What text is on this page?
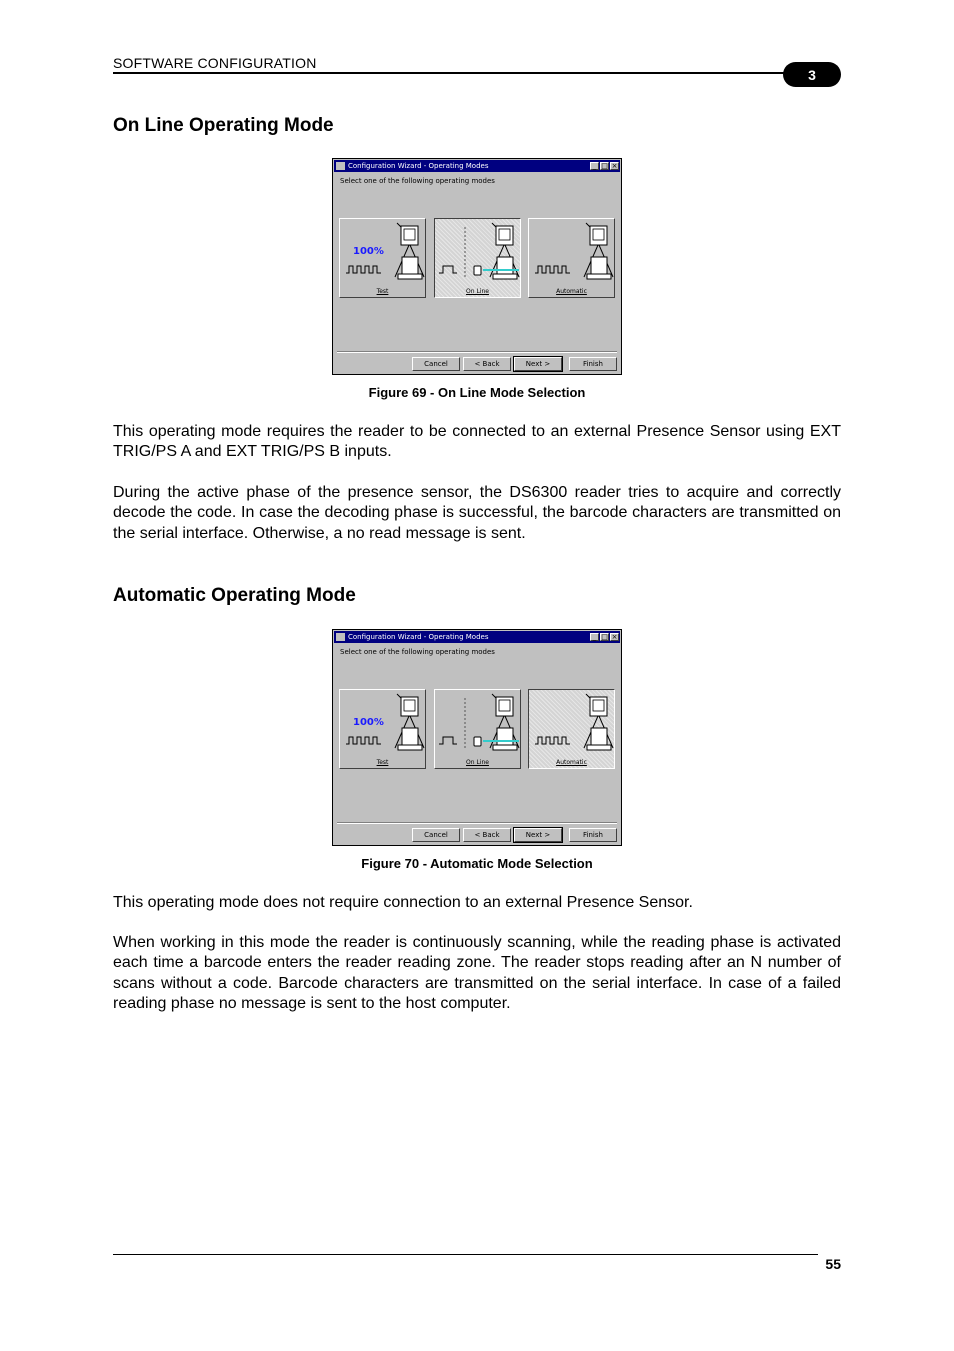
SOFTWARE CONFIGURATION
3
On Line Operating Mode
Configuration Wizard - Operating Modes	_ □ ×
Select one of the following operating modes
100%
Test	On Line	Automatic
Cancel	< Back	Next >	Finish
Figure 69 - On Line Mode Selection

This operating mode requires the reader to be connected to an external Presence Sensor using EXT TRIG/PS A and EXT TRIG/PS B inputs.

During the active phase of the presence sensor, the DS6300 reader tries to acquire and correctly decode the code. In case the decoding phase is successful, the barcode characters are transmitted on the serial interface. Otherwise, a no read message is sent.

Automatic Operating Mode
Configuration Wizard - Operating Modes	_ □ ×
Select one of the following operating modes
100%
Test	On Line	Automatic
Cancel	< Back	Next >	Finish
Figure 70 - Automatic Mode Selection

This operating mode does not require connection to an external Presence Sensor.

When working in this mode the reader is continuously scanning, while the reading phase is activated each time a barcode enters the reader reading zone. The reader stops reading after an N number of scans without a code. Barcode characters are transmitted on the serial interface. In case of a failed reading phase no message is sent to the host computer.

55
